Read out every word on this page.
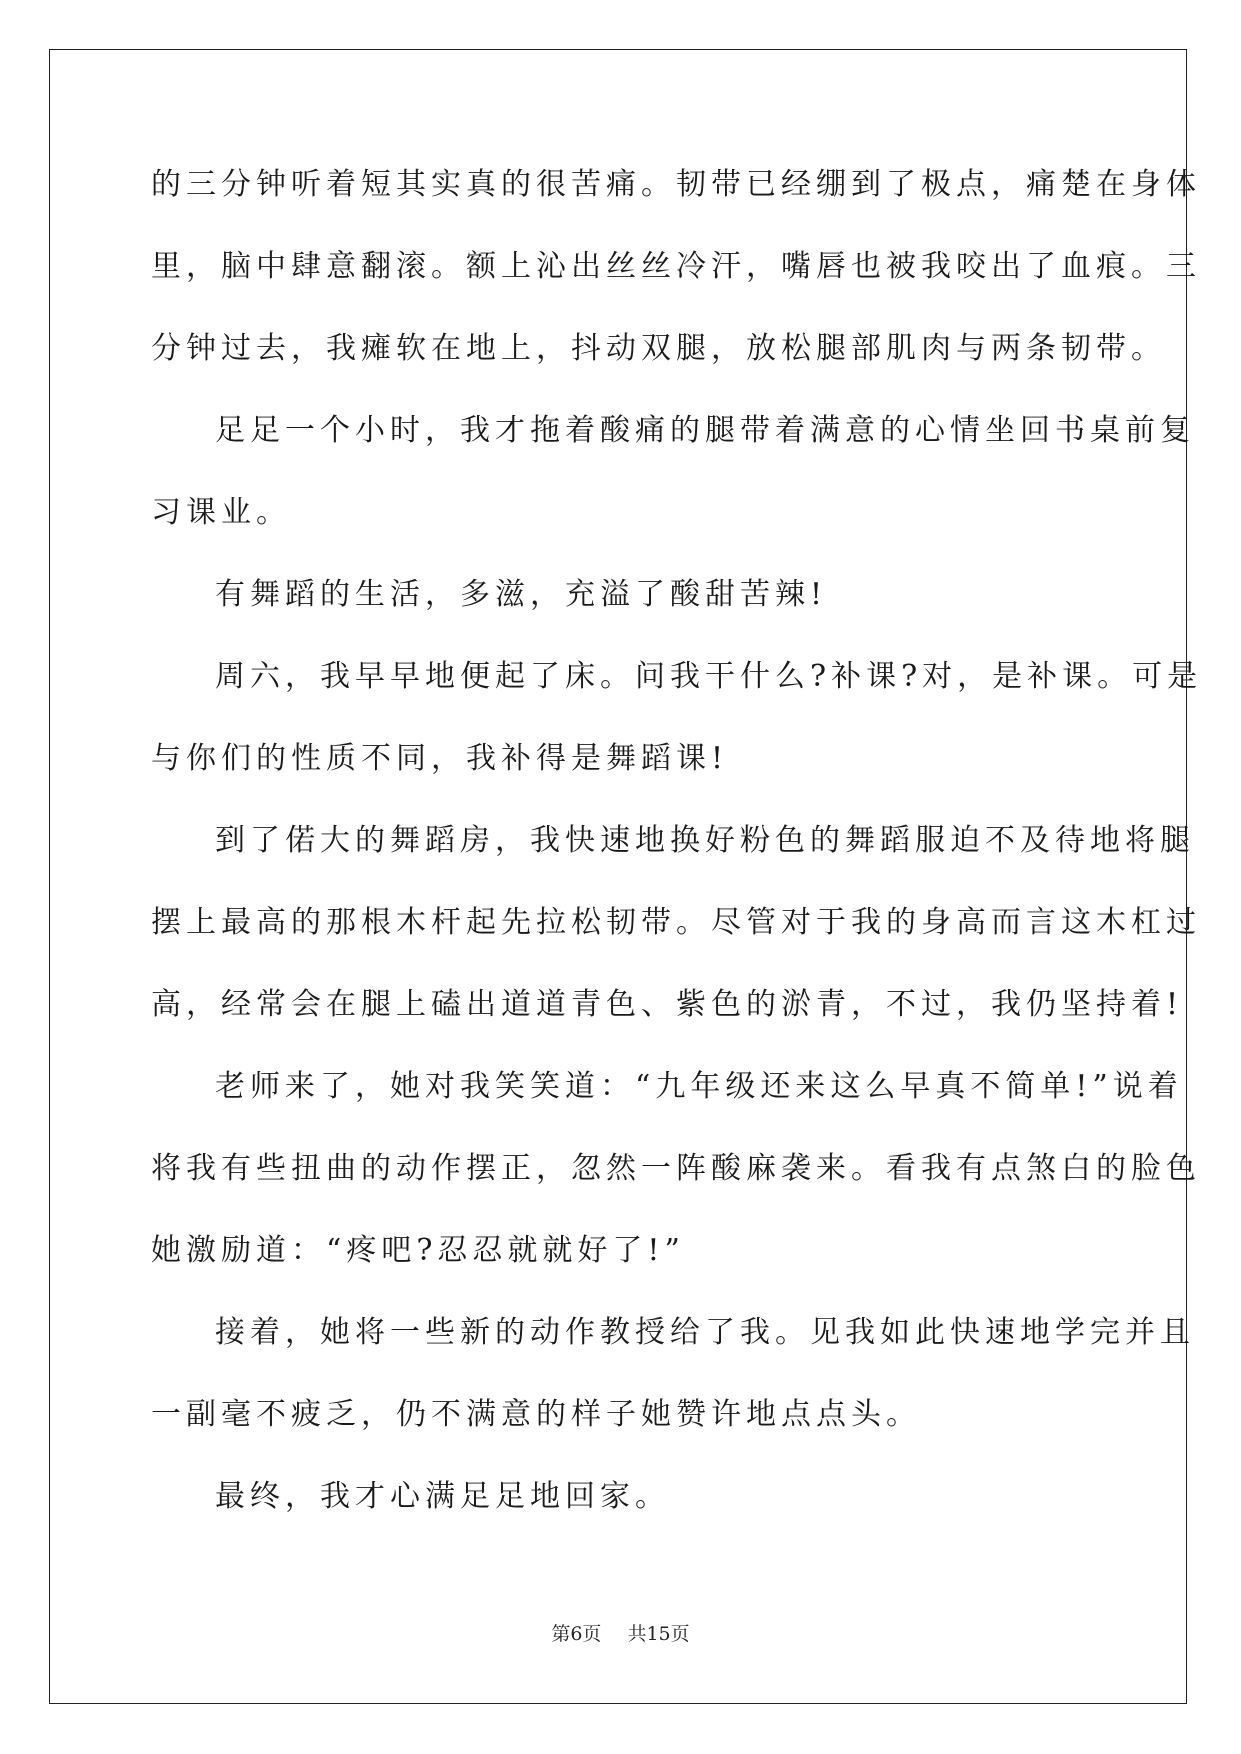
的三分钟听着短其实真的很苦痛。韧带已经绷到了极点，痛楚在身体
里，脑中肆意翻滚。额上沁出丝丝冷汗，嘴唇也被我咬出了血痕。三
分钟过去，我瘫软在地上，抖动双腿，放松腿部肌肉与两条韧带。
足足一个小时，我才拖着酸痛的腿带着满意的心情坐回书桌前复
习课业。
有舞蹈的生活，多滋，充溢了酸甜苦辣!
周六，我早早地便起了床。问我干什么?补课?对，是补课。可是
与你们的性质不同，我补得是舞蹈课!
到了偌大的舞蹈房，我快速地换好粉色的舞蹈服迫不及待地将腿
摆上最高的那根木杆起先拉松韧带。尽管对于我的身高而言这木杠过
高，经常会在腿上磕出道道青色、紫色的淤青，不过，我仍坚持着!
老师来了，她对我笑笑道：“九年级还来这么早真不简单!”说着
将我有些扭曲的动作摆正，忽然一阵酸麻袭来。看我有点煞白的脸色
她激励道：“疼吧?忍忍就就好了!”
接着，她将一些新的动作教授给了我。见我如此快速地学完并且
一副毫不疲乏，仍不满意的样子她赞许地点点头。
最终，我才心满足足地回家。
第6页 共15页
